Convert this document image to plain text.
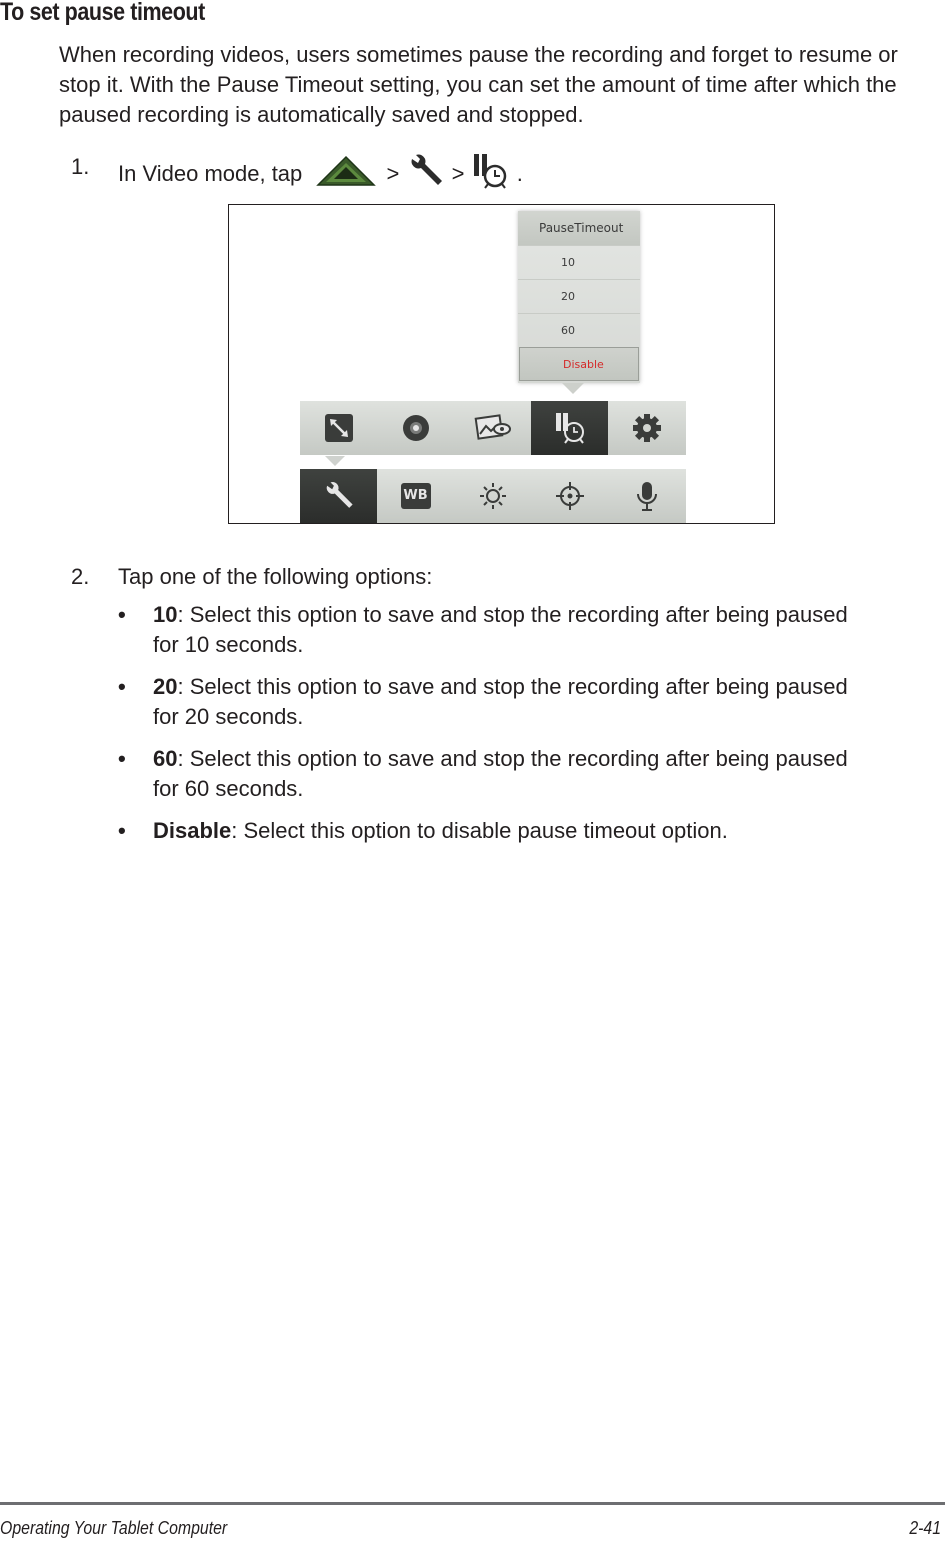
To set pause timeout

When recording videos, users sometimes pause the recording and forget to resume or stop it. With the Pause Timeout setting, you can set the amount of time after which the paused recording is automatically saved and stopped.

1. In Video mode, tap	> > .
PauseTimeout
10
20
60
Disable
WB
2. Tap one of the following options:
• 10: Select this option to save and stop the recording after being paused
for 10 seconds.
• 20: Select this option to save and stop the recording after being paused
for 20 seconds.
• 60: Select this option to save and stop the recording after being paused
for 60 seconds.
• Disable: Select this option to disable pause timeout option.
Operating Your Tablet Computer	2-41
